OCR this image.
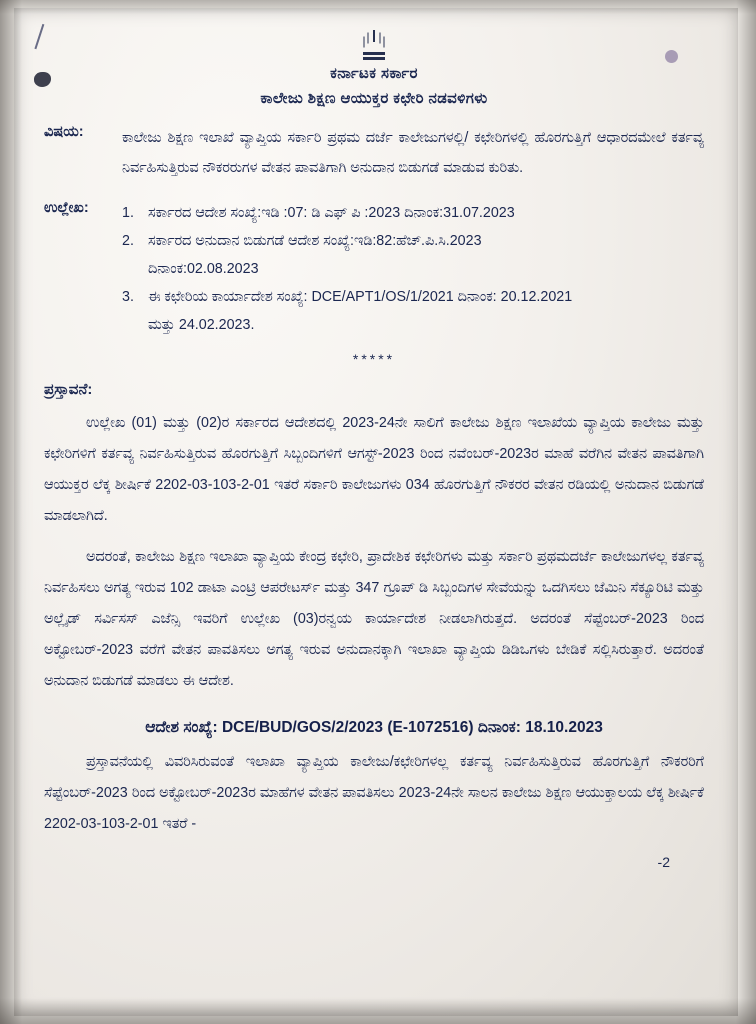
ಕರ್ನಾಟಕ ಸರ್ಕಾರ
ಕಾಲೇಜು ಶಿಕ್ಷಣ ಆಯುಕ್ತರ ಕಛೇರಿ ನಡವಳಿಗಳು
ವಿಷಯ:	ಕಾಲೇಜು ಶಿಕ್ಷಣ ಇಲಾಖೆ ವ್ಯಾಪ್ತಿಯ ಸರ್ಕಾರಿ ಪ್ರಥಮ ದರ್ಜೆ ಕಾಲೇಜುಗಳಲ್ಲಿ/ ಕಛೇರಿಗಳಲ್ಲಿ ಹೊರಗುತ್ತಿಗೆ ಆಧಾರದಮೇಲೆ ಕರ್ತವ್ಯ ನಿರ್ವಹಿಸುತ್ತಿರುವ ನೌಕರರುಗಳ ವೇತನ ಪಾವತಿಗಾಗಿ ಅನುದಾನ ಬಿಡುಗಡೆ ಮಾಡುವ ಕುರಿತು.
ಉಲ್ಲೇಖ:	1. ಸರ್ಕಾರದ ಆದೇಶ ಸಂಖ್ಯೆ:ಇಡಿ :07: ಡಿ ಎಫ್ ಪಿ :2023 ದಿನಾಂಕ:31.07.2023
2. ಸರ್ಕಾರದ ಅನುದಾನ ಬಿಡುಗಡೆ ಆದೇಶ ಸಂಖ್ಯೆ:ಇಡಿ:82:ಹೆಚ್.ಪಿ.ಸಿ.2023
ದಿನಾಂಕ:02.08.2023
3. ಈ ಕಛೇರಿಯ ಕಾರ್ಯಾದೇಶ ಸಂಖ್ಯೆ: DCE/APT1/OS/1/2021 ದಿನಾಂಕ: 20.12.2021
ಮತ್ತು 24.02.2023.
*****
ಪ್ರಸ್ತಾವನೆ:
ಉಲ್ಲೇಖ (01) ಮತ್ತು (02)ರ ಸರ್ಕಾರದ ಆದೇಶದಲ್ಲಿ 2023-24ನೇ ಸಾಲಿಗೆ ಕಾಲೇಜು ಶಿಕ್ಷಣ ಇಲಾಖೆಯ ವ್ಯಾಪ್ತಿಯ ಕಾಲೇಜು ಮತ್ತು ಕಛೇರಿಗಳಿಗೆ ಕರ್ತವ್ಯ ನಿರ್ವಹಿಸುತ್ತಿರುವ ಹೊರಗುತ್ತಿಗೆ ಸಿಬ್ಬಂದಿಗಳಿಗೆ ಆಗಸ್ಟ್-2023 ರಿಂದ ನವೆಂಬರ್-2023ರ ಮಾಹೆ ವರೆಗಿನ ವೇತನ ಪಾವತಿಗಾಗಿ ಆಯುಕ್ತರ ಲೆಕ್ಕ ಶೀರ್ಷಿಕೆ 2202-03-103-2-01 ಇತರೆ ಸರ್ಕಾರಿ ಕಾಲೇಜುಗಳು 034 ಹೊರಗುತ್ತಿಗೆ ನೌಕರರ ವೇತನ ರಡಿಯಲ್ಲಿ ಅನುದಾನ ಬಿಡುಗಡೆ ಮಾಡಲಾಗಿದೆ.
ಅದರಂತೆ, ಕಾಲೇಜು ಶಿಕ್ಷಣ ಇಲಾಖಾ ವ್ಯಾಪ್ತಿಯ ಕೇಂದ್ರ ಕಛೇರಿ, ಪ್ರಾದೇಶಿಕ ಕಛೇರಿಗಳು ಮತ್ತು ಸರ್ಕಾರಿ ಪ್ರಥಮದರ್ಜೆ ಕಾಲೇಜುಗಳಲ್ಲ ಕರ್ತವ್ಯ ನಿರ್ವಹಿಸಲು ಅಗತ್ಯ ಇರುವ 102 ಡಾಟಾ ಎಂಟ್ರಿ ಆಪರೇಟರ್ಸ್ ಮತ್ತು 347 ಗ್ರೂಪ್ ಡಿ ಸಿಬ್ಬಂದಿಗಳ ಸೇವೆಯನ್ನು ಒದಗಿಸಲು ಜೆಮಿನಿ ಸೆಕ್ಯೂರಿಟಿ ಮತ್ತು ಅಲ್ಲೈಡ್ ಸರ್ವಿಸಸ್ ಎಜೆನ್ಸಿ ಇವರಿಗೆ ಉಲ್ಲೇಖ (03)ರನ್ವಯ ಕಾರ್ಯಾದೇಶ ನೀಡಲಾಗಿರುತ್ತದೆ. ಅದರಂತೆ ಸೆಪ್ಟೆಂಬರ್-2023 ರಿಂದ ಅಕ್ಟೋಬರ್-2023 ವರೆಗೆ ವೇತನ ಪಾವತಿಸಲು ಅಗತ್ಯ ಇರುವ ಅನುದಾನಕ್ಕಾಗಿ ಇಲಾಖಾ ವ್ಯಾಪ್ತಿಯ ಡಿಡಿಒಗಳು ಬೇಡಿಕೆ ಸಲ್ಲಿಸಿರುತ್ತಾರೆ. ಅದರಂತೆ ಅನುದಾನ ಬಿಡುಗಡೆ ಮಾಡಲು ಈ ಆದೇಶ.
ಆದೇಶ ಸಂಖ್ಯೆ: DCE/BUD/GOS/2/2023 (E-1072516) ದಿನಾಂಕ: 18.10.2023
ಪ್ರಸ್ತಾವನೆಯಲ್ಲಿ ವಿವರಿಸಿರುವಂತೆ ಇಲಾಖಾ ವ್ಯಾಪ್ತಿಯ ಕಾಲೇಜು/ಕಛೇರಿಗಳಲ್ಲ ಕರ್ತವ್ಯ ನಿರ್ವಹಿಸುತ್ತಿರುವ ಹೊರಗುತ್ತಿಗೆ ನೌಕರರಿಗೆ ಸೆಪ್ಟೆಂಬರ್-2023 ರಿಂದ ಅಕ್ಟೋಬರ್-2023ರ ಮಾಹೆಗಳ ವೇತನ ಪಾವತಿಸಲು 2023-24ನೇ ಸಾಲನ ಕಾಲೇಜು ಶಿಕ್ಷಣ ಆಯುಕ್ತಾಲಯ ಲೆಕ್ಕ ಶೀರ್ಷಿಕೆ 2202-03-103-2-01 ಇತರೆ -
-2
